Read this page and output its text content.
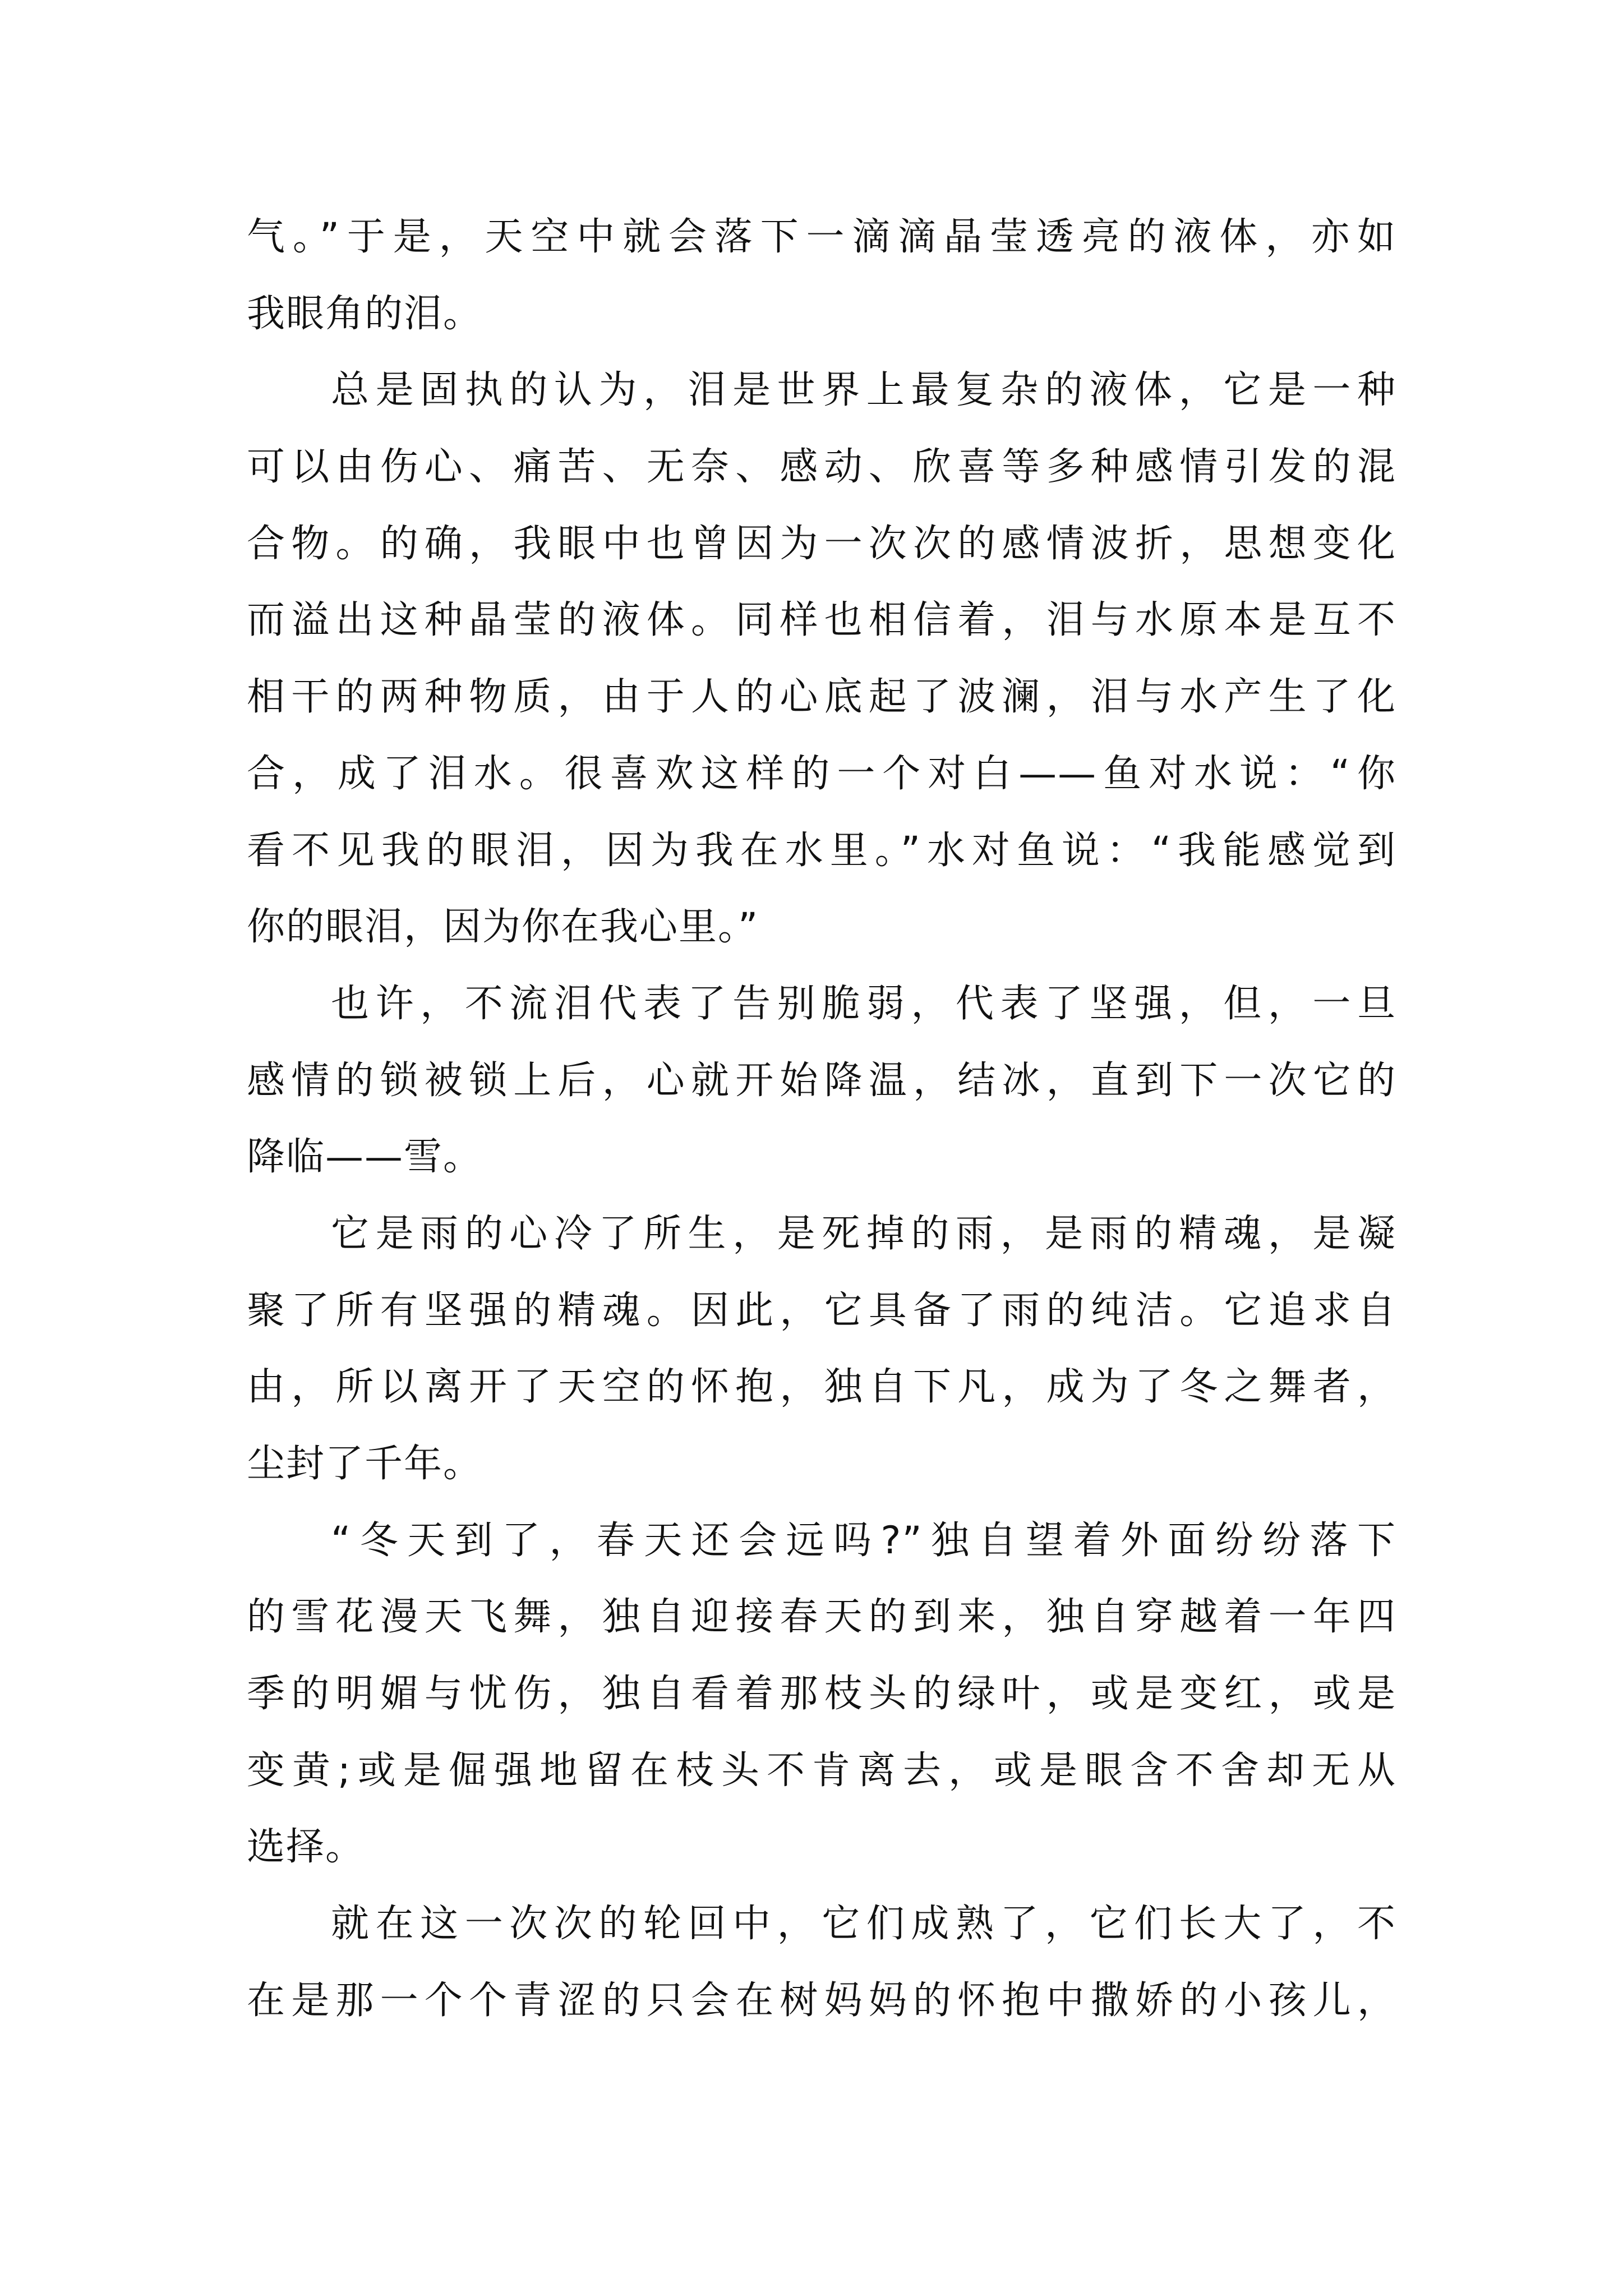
气。”于是，天空中就会落下一滴滴晶莹透亮的液体，亦如
我眼角的泪。
总是固执的认为，泪是世界上最复杂的液体，它是一种
可以由伤心、痛苦、无奈、感动、欣喜等多种感情引发的混
合物。的确，我眼中也曾因为一次次的感情波折，思想变化
而溢出这种晶莹的液体。同样也相信着，泪与水原本是互不
相干的两种物质，由于人的心底起了波澜，泪与水产生了化
合，成了泪水。很喜欢这样的一个对白——鱼对水说：“你
看不见我的眼泪，因为我在水里。”水对鱼说：“我能感觉到
你的眼泪，因为你在我心里。”
也许，不流泪代表了告别脆弱，代表了坚强，但，一旦
感情的锁被锁上后，心就开始降温，结冰，直到下一次它的
降临——雪。
它是雨的心冷了所生，是死掉的雨，是雨的精魂，是凝
聚了所有坚强的精魂。因此，它具备了雨的纯洁。它追求自
由，所以离开了天空的怀抱，独自下凡，成为了冬之舞者，
尘封了千年。
“冬天到了，春天还会远吗?”独自望着外面纷纷落下
的雪花漫天飞舞，独自迎接春天的到来，独自穿越着一年四
季的明媚与忧伤，独自看着那枝头的绿叶，或是变红，或是
变黄;或是倔强地留在枝头不肯离去，或是眼含不舍却无从
选择。
就在这一次次的轮回中，它们成熟了，它们长大了，不
在是那一个个青涩的只会在树妈妈的怀抱中撒娇的小孩儿，
